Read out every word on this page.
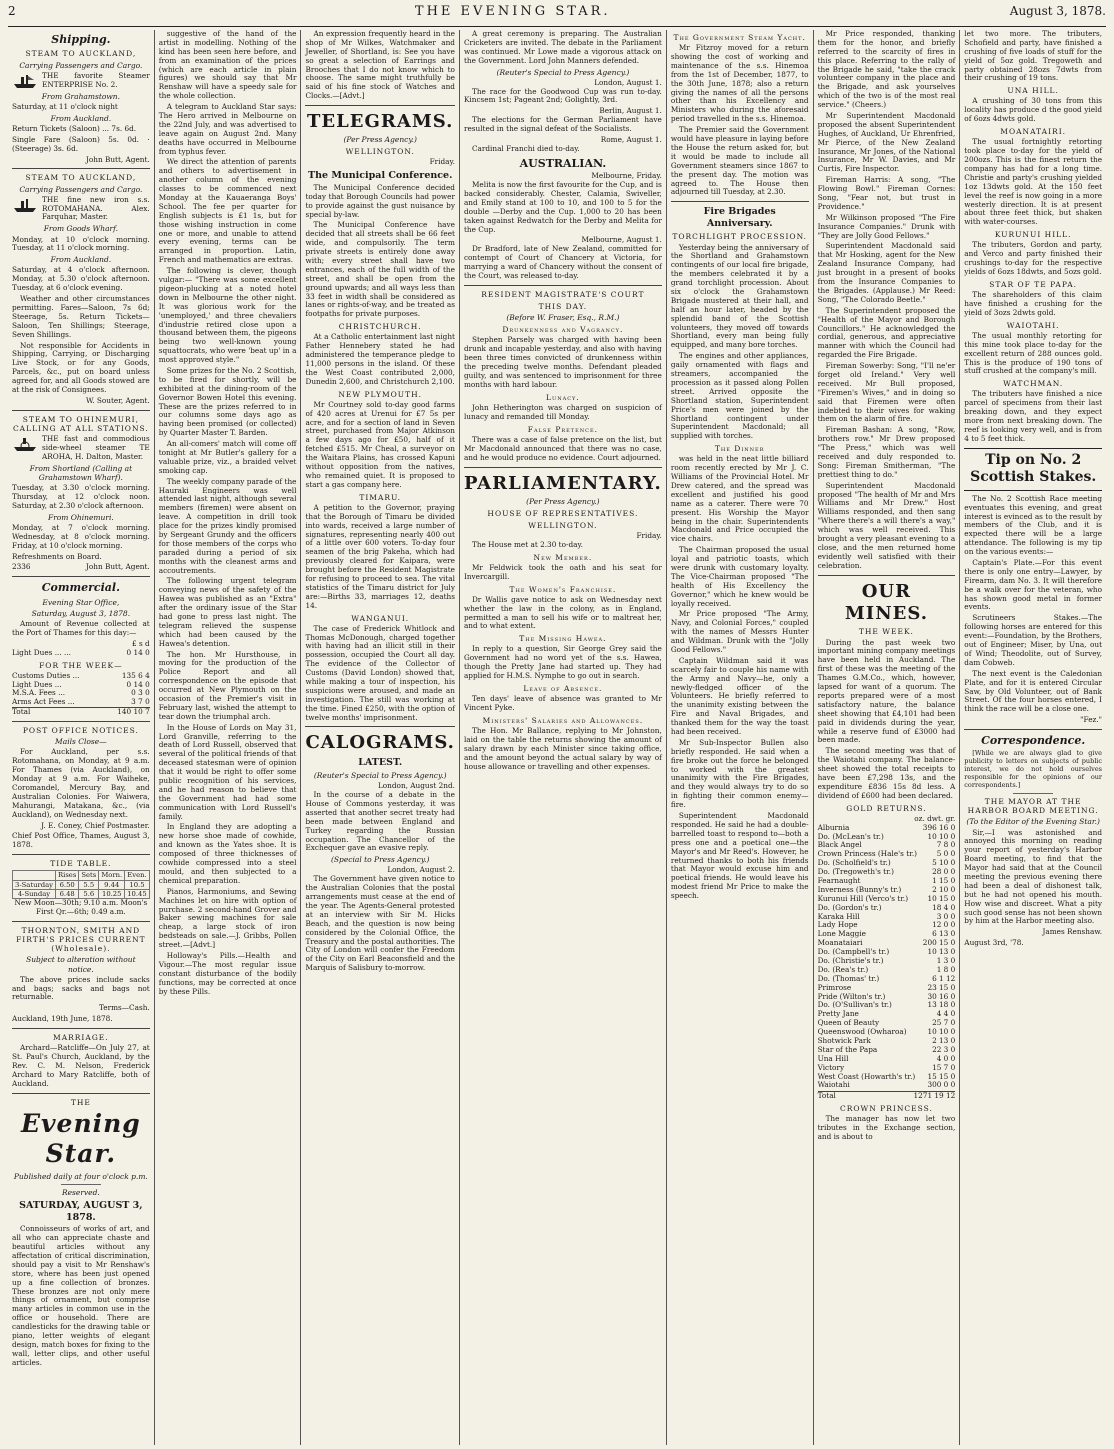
2	THE EVENING STAR.	August 3, 1878.
Shipping.
STEAM TO AUCKLAND,
Carrying Passengers and Cargo.
THE favorite Steamer ENTERPRISE No. 2.
From Grahamstown.

Saturday, at 11 o'clock night

From Auckland.

Return Tickets (Saloon) ... 7s. 6d.

Single Fare (Saloon) 5s. 0d. · (Steerage) 3s. 6d.

John Butt, Agent.

STEAM TO AUCKLAND,
Carrying Passengers and Cargo.
THE fine new iron s.s. ROTOMAHANA. Alex. Farquhar, Master.
From Goods Wharf.

Monday, at 10 o'clock morning. Tuesday, at 11 o'clock morning.

From Auckland.

Saturday, at 4 o'clock afternoon. Monday, at 5.30 o'clock afternoon. Tuesday, at 6 o'clock evening.

Weather and other circumstances permitting. Fares—Saloon, 7s 6d; Steerage, 5s. Return Tickets—Saloon, Ten Shillings; Steerage, Seven Shillings.

Not responsible for Accidents in Shipping, Carrying, or Discharging Live Stock, or for any Goods, Parcels, &c., put on board unless agreed for, and all Goods stowed are at the risk of Consignees.

W. Souter, Agent.

STEAM TO OHINEMURI, CALLING AT ALL STATIONS.
THE fast and commodious side-wheel steamer TE AROHA, H. Dalton, Master.
From Shortland (Calling at Grahamstown Wharf).

Tuesday, at 3.30 o'clock morning. Thursday, at 12 o'clock noon. Saturday, at 2.30 o'clock afternoon.

From Ohinemuri.

Monday, at 7 o'clock morning. Wednesday, at 8 o'clock morning. Friday, at 10 o'clock morning.

Refreshments on Board.

2336	John Butt, Agent.
Commercial.
Evening Star Office,
Saturday, August 3, 1878.

Amount of Revenue collected at the Port of Thames for this day:—

£ s d
Light Dues ... ...	0 14 0
FOR THE WEEK—
Customs Duties ...	135 6 4
Light Dues ...	0 14 0
M.S.A. Fees ...	0 3 0
Arms Act Fees ...	3 7 0
Total	140 10 7
POST OFFICE NOTICES.
Mails Close—

For Auckland, per s.s. Rotomahana, on Monday, at 9 a.m. For Thames (via Auckland), on Monday at 9 a.m. For Waiheke, Coromandel, Mercury Bay, and Australian Colonies. For Waiwera, Mahurangi, Matakana, &c., (via Auckland), on Wednesday next.

J. E. Coney, Chief Postmaster.

Chief Post Office, Thames, August 3, 1878.

TIDE TABLE.
	Rises	Sets	Morn.	Even.
3-Saturday	6.50	5.5	9.44	10.5
4-Sunday	6.48	5.6	10.25	10.45

New Moon—30th; 9.10 a.m. Moon's First Qr.—6th; 0.49 a.m.

THORNTON, SMITH AND FIRTH'S PRICES CURRENT (Wholesale).
Subject to alteration without notice.

The above prices include sacks and bags; sacks and bags not returnable.

Terms—Cash.

Auckland, 19th June, 1878.

MARRIAGE.

Archard—Ratcliffe—On July 27, at St. Paul's Church, Auckland, by the Rev. C. M. Nelson, Frederick Archard to Mary Ratcliffe, both of Auckland.

THE
Evening Star.
Published daily at four o'clock p.m.
Reserved.
SATURDAY, AUGUST 3, 1878.

Connoisseurs of works of art, and all who can appreciate chaste and beautiful articles without any affectation of critical discrimination, should pay a visit to Mr Renshaw's store, where has been just opened up a fine collection of bronzes. These bronzes are not only mere things of ornament, but comprise many articles in common use in the office or household. There are candlesticks for the drawing table or piano, letter weights of elegant design, match boxes for fixing to the wall, letter clips, and other useful articles.

suggestive of the hand of the artist in modelling. Nothing of the kind has been seen here before, and from an examination of the prices (which are each article in plain figures) we should say that Mr Renshaw will have a speedy sale for the whole collection.

A telegram to Auckland Star says: The Hero arrived in Melbourne on the 22nd July, and was advertised to leave again on August 2nd. Many deaths have occurred in Melbourne from typhus fever.

We direct the attention of parents and others to advertisement in another column of the evening classes to be commenced next Monday at the Kauaeranga Boys' School. The fee per quarter for English subjects is £1 1s, but for those wishing instruction in come one or more, and unable to attend every evening, terms can be arranged in proportion. Latin, French and mathematics are extras.

The following is clever, though vulgar:— "There was some excellent pigeon-plucking at a noted hotel down in Melbourne the other night. It was glorious work for the 'unemployed,' and three chevaliers d'industrie retired close upon a thousand between them, the pigeons being two well-known young squattocrats, who were 'beat up' in a most approved style."

Some prizes for the No. 2 Scottish, to be fired for shortly, will be exhibited at the dining-room of the Governor Bowen Hotel this evening. These are the prizes referred to in our columns some days ago as having been promised (or collected) by Quarter Master T. Barden.

An all-comers' match will come off tonight at Mr Butler's gallery for a valuable prize, viz., a braided velvet smoking cap.

The weekly company parade of the Hauraki Engineers was well attended last night, although several members (firemen) were absent on leave. A competition in drill took place for the prizes kindly promised by Sergeant Grundy and the officers for those members of the corps who paraded during a period of six months with the cleanest arms and accoutrements.

The following urgent telegram conveying news of the safety of the Hawea was published as an "Extra" after the ordinary issue of the Star had gone to press last night. The telegram relieved the suspense which had been caused by the Hawea's detention.

The hon. Mr Hursthouse, in moving for the production of the Police Report and all correspondence on the episode that occurred at New Plymouth on the occasion of the Premier's visit in February last, wished the attempt to tear down the triumphal arch.

In the House of Lords on May 31, Lord Granville, referring to the death of Lord Russell, observed that several of the political friends of that deceased statesman were of opinion that it would be right to offer some public recognition of his services, and he had reason to believe that the Government had had some communication with Lord Russell's family.

In England they are adopting a new horse shoe made of cowhide, and known as the Yates shoe. It is composed of three thicknesses of cowhide compressed into a steel mould, and then subjected to a chemical preparation.

Pianos, Harmoniums, and Sewing Machines let on hire with option of purchase. 2 second-hand Grover and Baker sewing machines for sale cheap, a large stock of iron bedsteads on sale.—J. Gribbs, Pollen street.—[Advt.]

Holloway's Pills.—Health and Vigour.—The most regular issue constant disturbance of the bodily functions, may be corrected at once by these Pills.

An expression frequently heard in the shop of Mr Wilkes, Watchmaker and Jeweller, of Shortland, is: See you have so great a selection of Earrings and Brooches that I do not know which to choose. The same might truthfully be said of his fine stock of Watches and Clocks.—[Advt.]

TELEGRAMS.
(Per Press Agency.)
WELLINGTON.
Friday.
The Municipal Conference.

The Municipal Conference decided today that Borough Councils had power to provide against the gust nuisance by special by-law.

The Municipal Conference have decided that all streets shall be 66 feet wide, and compulsorily. The term private streets is entirely done away with; every street shall have two entrances, each of the full width of the street, and shall be open from the ground upwards; and all ways less than 33 feet in width shall be considered as lanes or rights-of-way, and be treated as footpaths for private purposes.

CHRISTCHURCH.

At a Catholic entertainment last night Father Hennebery stated he had administered the temperance pledge to 11,000 persons in the island. Of these the West Coast contributed 2,000, Dunedin 2,600, and Christchurch 2,100.

NEW PLYMOUTH.

Mr Courtney sold to-day good farms of 420 acres at Urenui for £7 5s per acre, and for a section of land in Seven street, purchased from Major Atkinson a few days ago for £50, half of it fetched £515. Mr Cheal, a surveyor on the Waitara Plains, has crossed Kapuni without opposition from the natives, who remained quiet. It is proposed to start a gas company here.

TIMARU.

A petition to the Governor, praying that the Borough of Timaru be divided into wards, received a large number of signatures, representing nearly 400 out of a little over 600 voters. To-day four seamen of the brig Pakeha, which had previously cleared for Kaipara, were brought before the Resident Magistrate for refusing to proceed to sea. The vital statistics of the Timaru district for July are:—Births 33, marriages 12, deaths 14.

WANGANUI.

The case of Frederick Whitlock and Thomas McDonough, charged together with having had an illicit still in their possession, occupied the Court all day. The evidence of the Collector of Customs (David London) showed that, while making a tour of inspection, his suspicions were aroused, and made an investigation. The still was working at the time. Fined £250, with the option of twelve months' imprisonment.

CALOGRAMS.
LATEST.
(Reuter's Special to Press Agency.)
London, August 2nd.

In the course of a debate in the House of Commons yesterday, it was asserted that another secret treaty had been made between England and Turkey regarding the Russian occupation. The Chancellor of the Exchequer gave an evasive reply.

(Special to Press Agency.)
London, August 2.

The Government have given notice to the Australian Colonies that the postal arrangements must cease at the end of the year. The Agents-General protested at an interview with Sir M. Hicks Beach, and the question is now being considered by the Colonial Office, the Treasury and the postal authorities. The City of London will confer the Freedom of the City on Earl Beaconsfield and the Marquis of Salisbury to-morrow.

A great ceremony is preparing. The Australian Cricketers are invited. The debate in the Parliament was continued. Mr Lowe made a vigorous attack on the Government. Lord John Manners defended.

(Reuter's Special to Press Agency.)
London, August 1.

The race for the Goodwood Cup was run to-day. Kincsem 1st; Pageant 2nd; Golightly, 3rd.

Berlin, August 1.

The elections for the German Parliament have resulted in the signal defeat of the Socialists.

Rome, August 1.

Cardinal Franchi died to-day.

AUSTRALIAN.
Melbourne, Friday.

Melita is now the first favourite for the Cup, and is backed considerably. Chester, Calamia, Swiveller, and Emily stand at 100 to 10, and 100 to 5 for the double —Derby and the Cup. 1,000 to 20 has been taken against Redwatch for the Derby and Melita for the Cup.

Melbourne, August 1.

Dr Bradford, late of New Zealand, committed for contempt of Court of Chancery at Victoria, for marrying a ward of Chancery without the consent of the Court, was released to-day.

RESIDENT MAGISTRATE'S COURT
THIS DAY.
(Before W. Fraser, Esq., R.M.)
Drunkenness and Vagrancy.

Stephen Parsely was charged with having been drunk and incapable yesterday, and also with having been three times convicted of drunkenness within the preceding twelve months. Defendant pleaded guilty, and was sentenced to imprisonment for three months with hard labour.

Lunacy.

John Hetherington was charged on suspicion of lunacy and remanded till Monday.

False Pretence.

There was a case of false pretence on the list, but Mr Macdonald announced that there was no case, and he would produce no evidence. Court adjourned.

PARLIAMENTARY.
(Per Press Agency.)
HOUSE OF REPRESENTATIVES.
WELLINGTON.
Friday.

The House met at 2.30 to-day.

New Member.

Mr Feldwick took the oath and his seat for Invercargill.

The Women's Franchise.

Dr Wallis gave notice to ask on Wednesday next whether the law in the colony, as in England, permitted a man to sell his wife or to maltreat her, and to what extent.

The Missing Hawea.

In reply to a question, Sir George Grey said the Government had no word yet of the s.s. Hawea, though the Pretty Jane had started up. They had applied for H.M.S. Nymphe to go out in search.

Leave of Absence.

Ten days' leave of absence was granted to Mr Vincent Pyke.

Ministers' Salaries and Allowances.

The Hon. Mr Ballance, replying to Mr Johnston, laid on the table the returns showing the amount of salary drawn by each Minister since taking office, and the amount beyond the actual salary by way of house allowance or travelling and other expenses.

The Government Steam Yacht.

Mr Fitzroy moved for a return showing the cost of working and maintenance of the s.s. Hinemoa from the 1st of December, 1877, to the 30th June, 1878; also a return giving the names of all the persons other than his Excellency and Ministers who during the aforesaid period travelled in the s.s. Hinemoa.

The Premier said the Government would have pleasure in laying before the House the return asked for, but it would be made to include all Government steamers since 1867 to the present day. The motion was agreed to. The House then adjourned till Tuesday, at 2.30.

Fire Brigades Anniversary.
TORCHLIGHT PROCESSION.

Yesterday being the anniversary of the Shortland and Grahamstown contingents of our local fire brigade, the members celebrated it by a grand torchlight procession. About six o'clock the Grahamstown Brigade mustered at their hall, and half an hour later, headed by the splendid band of the Scottish volunteers, they moved off towards Shortland, every man being fully equipped, and many bore torches.

The engines and other appliances, gaily ornamented with flags and streamers, accompanied the procession as it passed along Pollen street. Arrived opposite the Shortland station, Superintendent Price's men were joined by the Shortland contingent under Superintendent Macdonald; all supplied with torches.

The Dinner

was held in the neat little billiard room recently erected by Mr J. C. Williams of the Provincial Hotel. Mr Drew catered, and the spread was excellent and justified his good name as a caterer. There were 70 present. His Worship the Mayor being in the chair. Superintendents Macdonald and Price occupied the vice chairs.

The Chairman proposed the usual loyal and patriotic toasts, which were drunk with customary loyalty. The Vice-Chairman proposed "The health of His Excellency the Governor," which he knew would be loyally received.

Mr Price proposed "The Army, Navy, and Colonial Forces," coupled with the names of Messrs Hunter and Wildman. Drunk with the "Jolly Good Fellows."

Captain Wildman said it was scarcely fair to couple his name with the Army and Navy—he, only a newly-fledged officer of the Volunteers. He briefly referred to the unanimity existing between the Fire and Naval Brigades, and thanked them for the way the toast had been received.

Mr Sub-Inspector Bullen also briefly responded. He said when a fire broke out the force he belonged to worked with the greatest unanimity with the Fire Brigades, and they would always try to do so in fighting their common enemy—fire.

Superintendent Macdonald responded. He said he had a double-barrelled toast to respond to—both a press one and a poetical one—the Mayor's and Mr Reed's. However, he returned thanks to both his friends that Mayor would excuse him and poetical friends. He would leave his modest friend Mr Price to make the speech.

Mr Price responded, thanking them for the honor, and briefly referred to the scarcity of fires in this place. Referring to the rally of the Brigade he said, "take the crack volunteer company in the place and the Brigade, and ask yourselves which of the two is of the most real service." (Cheers.)

Mr Superintendent Macdonald proposed the absent Superintendent Hughes, of Auckland, Ur Ehrenfried, Mr Pierce, of the New Zealand Insurance, Mr Jones, of the National Insurance, Mr W. Davies, and Mr Curtis, Fire Inspector.

Fireman Harris: A song, "The Flowing Bowl." Fireman Cornes: Song, "Fear not, but trust in Providence."

Mr Wilkinson proposed "The Fire Insurance Companies." Drunk with "They are Jolly Good Fellows."

Superintendent Macdonald said that Mr Hosking, agent for the New Zealand Insurance Company, had just brought in a present of books from the Insurance Companies to the Brigades. (Applause.) Mr Reed: Song, "The Colorado Beetle."

The Superintendent proposed the "Health of the Mayor and Borough Councillors." He acknowledged the cordial, generous, and appreciative manner with which the Council had regarded the Fire Brigade.

Fireman Sowerby: Song, "I'll ne'er forget old Ireland." Very well received. Mr Bull proposed, "Firemen's Wives," and in doing so said that Firemen were often indebted to their wives for waking them on the alarm of fire.

Fireman Bashan: A song, "Row, brothers row." Mr Drew proposed "The Press," which was well received and duly responded to. Song: Fireman Smitherman, "The prettiest thing to do."

Superintendent Macdonald proposed "The health of Mr and Mrs Williams and Mr Drew." Host Williams responded, and then sang "Where there's a will there's a way," which was well received. This brought a very pleasant evening to a close, and the men returned home evidently well satisfied with their celebration.

OUR MINES.
THE WEEK.

During the past week two important mining company meetings have been held in Auckland. The first of these was the meeting of the Thames G.M.Co., which, however, lapsed for want of a quorum. The reports prepared were of a most satisfactory nature, the balance sheet showing that £4,101 had been paid in dividends during the year, while a reserve fund of £3000 had been made.

The second meeting was that of the Waiotahi company. The balance-sheet showed the total receipts to have been £7,298 13s, and the expenditure £836 15s 8d less. A dividend of £600 had been declared.

GOLD RETURNS.
oz. dwt. gr.
Alburnia	396 16 0
Do. (McLean's tr.)	10 10 0
Black Angel	7 8 0
Crown Princess (Hale's tr.)	5 0 0
Do. (Scholfield's tr.)	5 10 0
Do. (Tregoweth's tr.)	28 0 0
Fearnaught	1 15 0
Inverness (Bunny's tr.)	2 10 0
Kurunui Hill (Verco's tr.)	10 15 0
Do. (Gordon's tr.)	18 4 0
Karaka Hill	3 0 0
Lady Hope	12 0 0
Lone Maggie	6 13 0
Moanataiari	200 15 0
Do. (Campbell's tr.)	10 13 0
Do. (Christie's tr.)	1 3 0
Do. (Rea's tr.)	1 8 0
Do. (Thomas' tr.)	6 1 12
Primrose	23 15 0
Pride (Wilton's tr.)	30 16 0
Do. (O'Sullivan's tr.)	13 18 0
Pretty Jane	4 4 0
Queen of Beauty	25 7 0
Queenswood (Owharoa)	10 10 0
Shotwick Park	2 13 0
Star of the Papa	22 3 0
Una Hill	4 0 0
Victory	15 7 0
West Coast (Howarth's tr.) 15 15 0
Waiotahi	300 0 0
Total	1271 19 12
CROWN PRINCESS.

The manager has now let two tributes in the Exchange section, and is about to

let two more. The tributers, Schofield and party, have finished a crushing of five loads of stuff for the yield of 5oz gold. Tregoweth and party obtained 28ozs 7dwts from their crushing of 19 tons.

UNA HILL.

A crushing of 30 tons from this locality has produce d the good yield of 6ozs 4dwts gold.

MOANATAIRI.

The usual fortnightly retorting took place to-day for the yield of 200ozs. This is the finest return the company has had for a long time. Christie and party's crushing yielded 1oz 13dwts gold. At the 150 feet level the reef is now going in a more westerly direction. It is at present about three feet thick, but shaken with water-courses.

KURUNUI HILL.

The tributers, Gordon and party, and Verco and party finished their crushings to-day for the respective yields of 6ozs 18dwts, and 5ozs gold.

STAR OF TE PAPA.

The shareholders of this claim have finished a crushing for the yield of 3ozs 2dwts gold.

WAIOTAHI.

The usual monthly retorting for this mine took place to-day for the excellent return of 288 ounces gold. This is the produce of 190 tons of stuff crushed at the company's mill.

WATCHMAN.

The tributers have finished a nice parcel of specimens from their last breaking down, and they expect more from next breaking down. The reef is looking very well, and is from 4 to 5 feet thick.

Tip on No. 2 Scottish Stakes.

The No. 2 Scottish Race meeting eventuates this evening, and great interest is evinced as to the result by members of the Club, and it is expected there will be a large attendance. The following is my tip on the various events:—

Captain's Plate.—For this event there is only one entry—Lawyer, by Firearm, dam No. 3. It will therefore be a walk over for the veteran, who has shown good metal in former events.

Scrutineers Stakes.—The following horses are entered for this event:—Foundation, by the Brothers, out of Engineer; Miser, by Una, out of Wind; Theodolite, out of Survey, dam Cobweb.

The next event is the Caledonian Plate, and for it is entered Circular Saw, by Old Volunteer, out of Bank Street. Of the four horses entered, I think the race will be a close one.

"Fez."

Correspondence.

[While we are always glad to give publicity to letters on subjects of public interest, we do not hold ourselves responsible for the opinions of our correspondents.]

THE MAYOR AT THE HARBOR BOARD MEETING.
(To the Editor of the Evening Star.)

Sir,—I was astonished and annoyed this morning on reading your report of yesterday's Harbor Board meeting, to find that the Mayor had said that at the Council meeting the previous evening there had been a deal of dishonest talk, but he had not opened his mouth. How wise and discreet. What a pity such good sense has not been shown by him at the Harbor meeting also.

James Renshaw.

August 3rd, '78.
